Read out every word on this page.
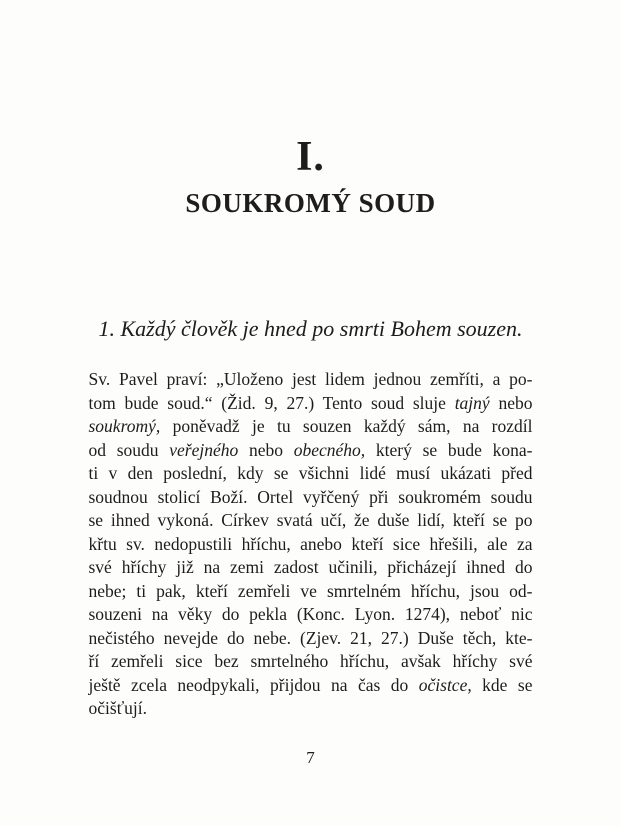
I.
SOUKROMÝ SOUD
1. Každý člověk je hned po smrti Bohem souzen.
Sv. Pavel praví: „Uloženo jest lidem jednou zemříti, a po-
tom bude soud.“ (Žid. 9, 27.) Tento soud sluje tajný nebo
soukromý, poněvadž je tu souzen každý sám, na rozdíl
od soudu veřejného nebo obecného, který se bude kona-
ti v den poslední, kdy se všichni lidé musí ukázati před
soudnou stolicí Boží. Ortel vyřčený při soukromém soudu
se ihned vykoná. Církev svatá učí, že duše lidí, kteří se po
křtu sv. nedopustili hříchu, anebo kteří sice hřešili, ale za
své hříchy již na zemi zadost učinili, přicházejí ihned do
nebe; ti pak, kteří zemřeli ve smrtelném hříchu, jsou od-
souzeni na věky do pekla (Konc. Lyon. 1274), neboť nic
nečistého nevejde do nebe. (Zjev. 21, 27.) Duše těch, kte-
ří zemřeli sice bez smrtelného hříchu, avšak hříchy své
ještě zcela neodpykali, přijdou na čas do očistce, kde se
očišťují.
7
